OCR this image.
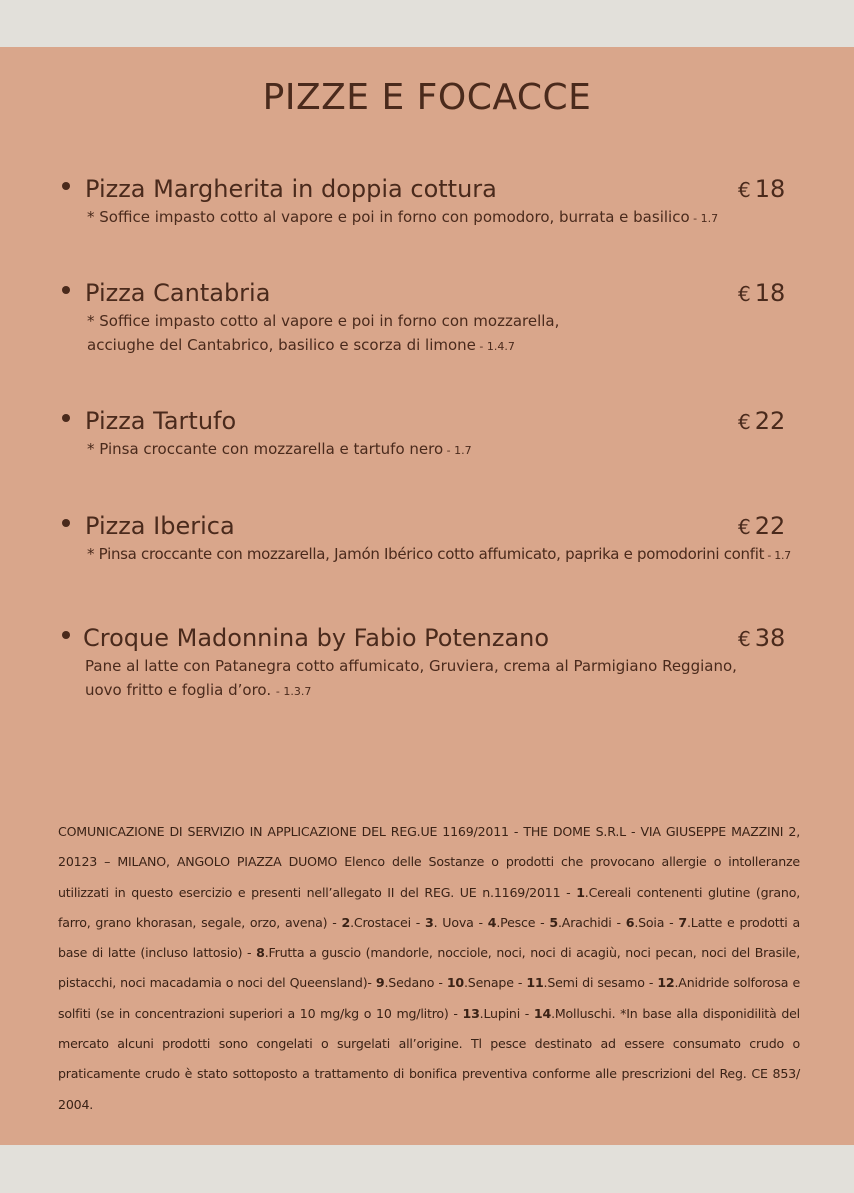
PIZZE E FOCACCE
Pizza Margherita in doppia cottura	€ 18
* Soffice impasto cotto al vapore e poi in forno con pomodoro, burrata e basilico - 1.7
Pizza Cantabria	€ 18
* Soffice impasto cotto al vapore e poi in forno con mozzarella,
acciughe del Cantabrico, basilico e scorza di limone - 1.4.7
Pizza Tartufo	€ 22
* Pinsa croccante con mozzarella e tartufo nero - 1.7
Pizza Iberica	€ 22
* Pinsa croccante con mozzarella, Jamón Ibérico cotto affumicato, paprika e pomodorini confit - 1.7
Croque Madonnina by Fabio Potenzano	€ 38
Pane al latte con Patanegra cotto affumicato, Gruviera, crema al Parmigiano Reggiano,
uovo fritto e foglia d’oro. - 1.3.7
COMUNICAZIONE DI SERVIZIO IN APPLICAZIONE DEL REG.UE 1169/2011 - THE DOME S.R.L - VIA GIUSEPPE MAZZINI 2, 20123 – MILANO, ANGOLO PIAZZA DUOMO Elenco delle Sostanze o prodotti che provocano allergie o intolleranze utilizzati in questo esercizio e presenti nell’allegato II del REG. UE n.1169/2011 - 1.Cereali contenenti glutine (grano, farro, grano khorasan, segale, orzo, avena) - 2.Crostacei - 3. Uova - 4.Pesce - 5.Arachidi - 6.Soia - 7.Latte e prodotti a base di latte (incluso lattosio) - 8.Frutta a guscio (mandorle, nocciole, noci, noci di acagiù, noci pecan, noci del Brasile, pistacchi, noci macadamia o noci del Queensland)- 9.Sedano - 10.Senape - 11.Semi di sesamo - 12.Anidride solforosa e solfiti (se in concentrazioni superiori a 10 mg/kg o 10 mg/litro) - 13.Lupini - 14.Molluschi. *In base alla disponidilità del mercato alcuni prodotti sono congelati o surgelati all’origine. Tl pesce destinato ad essere consumato crudo o praticamente crudo è stato sottoposto a trattamento di bonifica preventiva conforme alle prescrizioni del Reg. CE 853/ 2004.
